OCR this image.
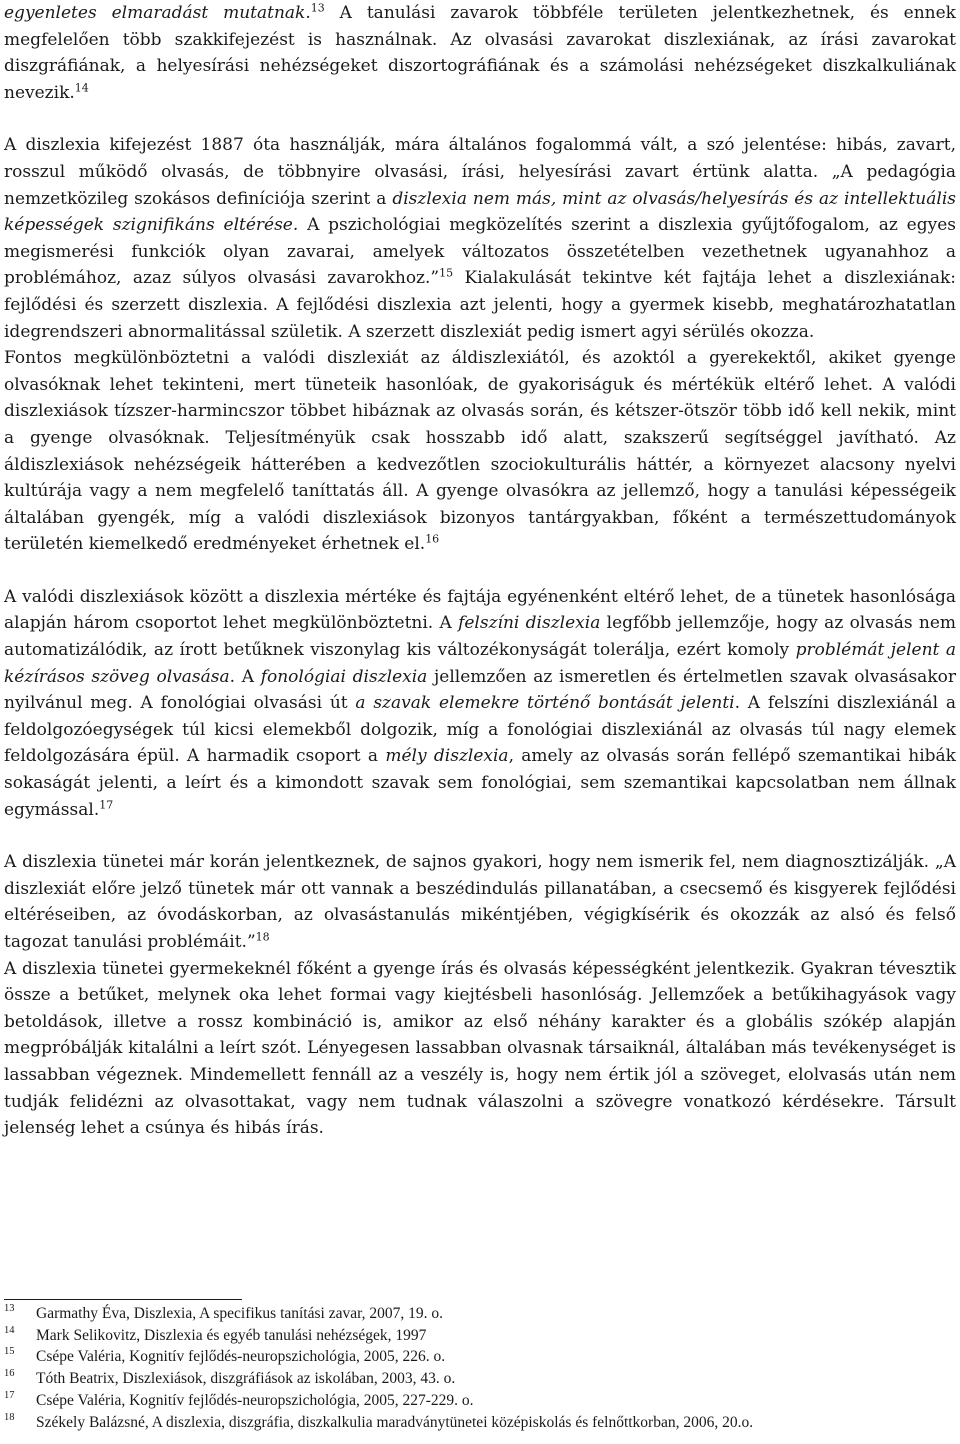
egyenletes elmaradást mutatnak.$^{13}$ A tanulási zavarok többféle területen jelentkezhetnek, és ennek megfelelően több szakkifejezést is használnak. Az olvasási zavarokat diszlexiának, az írási zavarokat diszgráfiának, a helyesírási nehézségeket diszortográfiának és a számolási nehézségeket diszkalkuliának nevezik.$^{14}$

A diszlexia kifejezést 1887 óta használják, mára általános fogalommá vált, a szó jelentése: hibás, zavart, rosszul működő olvasás, de többnyire olvasási, írási, helyesírási zavart értünk alatta. „A pedagógia nemzetközileg szokásos definíciója szerint a diszlexia nem más, mint az olvasás/helyesírás és az intellektuális képességek szignifikáns eltérése. A pszichológiai megközelítés szerint a diszlexia gyűjtőfogalom, az egyes megismerési funkciók olyan zavarai, amelyek változatos összetételben vezethetnek ugyanahhoz a problémához, azaz súlyos olvasási zavarokhoz.”$^{15}$ Kialakulását tekintve két fajtája lehet a diszlexiának: fejlődési és szerzett diszlexia. A fejlődési diszlexia azt jelenti, hogy a gyermek kisebb, meghatározhatatlan idegrendszeri abnormalitással születik. A szerzett diszlexiát pedig ismert agyi sérülés okozza.

Fontos megkülönböztetni a valódi diszlexiát az áldiszlexiától, és azoktól a gyerekektől, akiket gyenge olvasóknak lehet tekinteni, mert tüneteik hasonlóak, de gyakoriságuk és mértékük eltérő lehet. A valódi diszlexiások tízszer-harmincszor többet hibáznak az olvasás során, és kétszer-ötször több idő kell nekik, mint a gyenge olvasóknak. Teljesítményük csak hosszabb idő alatt, szakszerű segítséggel javítható. Az áldiszlexiások nehézségeik hátterében a kedvezőtlen szociokulturális háttér, a környezet alacsony nyelvi kultúrája vagy a nem megfelelő taníttatás áll. A gyenge olvasókra az jellemző, hogy a tanulási képességeik általában gyengék, míg a valódi diszlexiások bizonyos tantárgyakban, főként a természettudományok területén kiemelkedő eredményeket érhetnek el.$^{16}$

A valódi diszlexiások között a diszlexia mértéke és fajtája egyénenként eltérő lehet, de a tünetek hasonlósága alapján három csoportot lehet megkülönböztetni. A felszíni diszlexia legfőbb jellemzője, hogy az olvasás nem automatizálódik, az írott betűknek viszonylag kis változékonyságát tolerálja, ezért komoly problémát jelent a kézírásos szöveg olvasása. A fonológiai diszlexia jellemzően az ismeretlen és értelmetlen szavak olvasásakor nyilvánul meg. A fonológiai olvasási út a szavak elemekre történő bontását jelenti. A felszíni diszlexiánál a feldolgozóegységek túl kicsi elemekből dolgozik, míg a fonológiai diszlexiánál az olvasás túl nagy elemek feldolgozására épül. A harmadik csoport a mély diszlexia, amely az olvasás során fellépő szemantikai hibák sokaságát jelenti, a leírt és a kimondott szavak sem fonológiai, sem szemantikai kapcsolatban nem állnak egymással.$^{17}$

A diszlexia tünetei már korán jelentkeznek, de sajnos gyakori, hogy nem ismerik fel, nem diagnosztizálják. „A diszlexiát előre jelző tünetek már ott vannak a beszédindulás pillanatában, a csecsemő és kisgyerek fejlődési eltéréseiben, az óvodáskorban, az olvasástanulás mikéntjében, végigkísérik és okozzák az alsó és felső tagozat tanulási problémáit.”$^{18}$

A diszlexia tünetei gyermekeknél főként a gyenge írás és olvasás képességként jelentkezik. Gyakran tévesztik össze a betűket, melynek oka lehet formai vagy kiejtésbeli hasonlóság. Jellemzőek a betűkihagyások vagy betoldások, illetve a rossz kombináció is, amikor az első néhány karakter és a globális szókép alapján megpróbálják kitalálni a leírt szót. Lényegesen lassabban olvasnak társaiknál, általában más tevékenységet is lassabban végeznek. Mindemellett fennáll az a veszély is, hogy nem értik jól a szöveget, elolvasás után nem tudják felidézni az olvasottakat, vagy nem tudnak válaszolni a szövegre vonatkozó kérdésekre. Társult jelenség lehet a csúnya és hibás írás.

13	Garmathy Éva, Diszlexia, A specifikus tanítási zavar, 2007, 19. o.
14	Mark Selikovitz, Diszlexia és egyéb tanulási nehézségek, 1997
15	Csépe Valéria, Kognitív fejlődés-neuropszichológia, 2005, 226. o.
16	Tóth Beatrix, Diszlexiások, diszgráfiások az iskolában, 2003, 43. o.
17	Csépe Valéria, Kognitív fejlődés-neuropszichológia, 2005, 227-229. o.
18	Székely Balázsné, A diszlexia, diszgráfia, diszkalkulia maradványtünetei középiskolás és felnőttkorban, 2006, 20.o.
